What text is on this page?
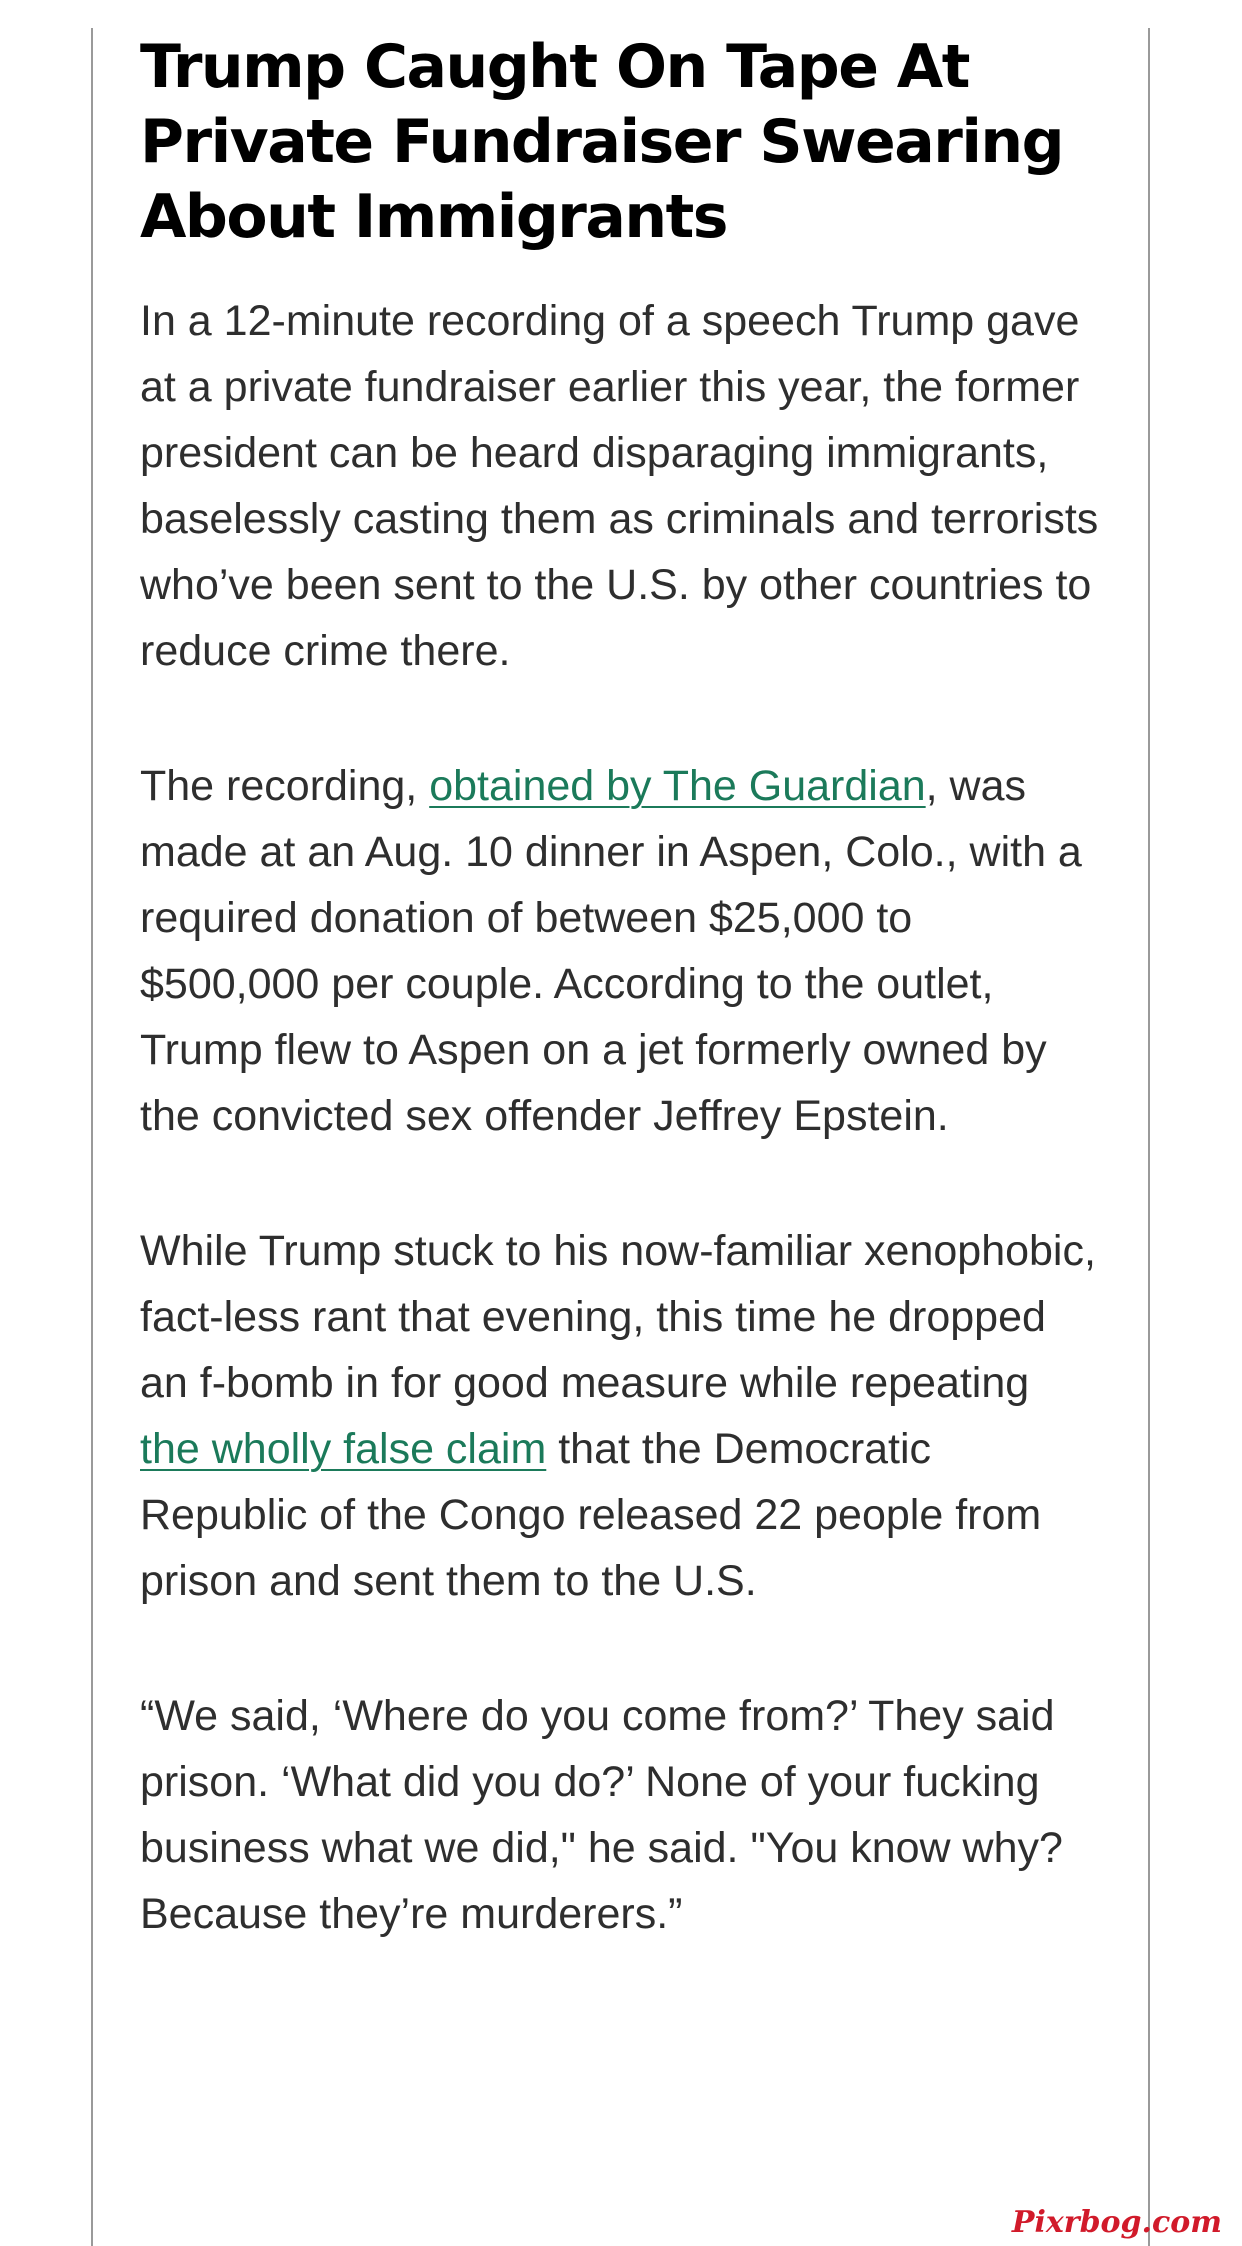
Trump Caught On Tape At Private Fundraiser Swearing About Immigrants

In a 12-minute recording of a speech Trump gave at a private fundraiser earlier this year, the former president can be heard disparaging immigrants, baselessly casting them as criminals and terrorists who’ve been sent to the U.S. by other countries to reduce crime there.

The recording, obtained by The Guardian, was made at an Aug. 10 dinner in Aspen, Colo., with a required donation of between $25,000 to $500,000 per couple. According to the outlet, Trump flew to Aspen on a jet formerly owned by the convicted sex offender Jeffrey Epstein.

While Trump stuck to his now-familiar xenophobic, fact-less rant that evening, this time he dropped an f-bomb in for good measure while repeating the wholly false claim that the Democratic Republic of the Congo released 22 people from prison and sent them to the U.S.

“We said, ‘Where do you come from?’ They said prison. ‘What did you do?’ None of your fucking business what we did," he said. "You know why? Because they’re murderers.”

Pixrbog.com
